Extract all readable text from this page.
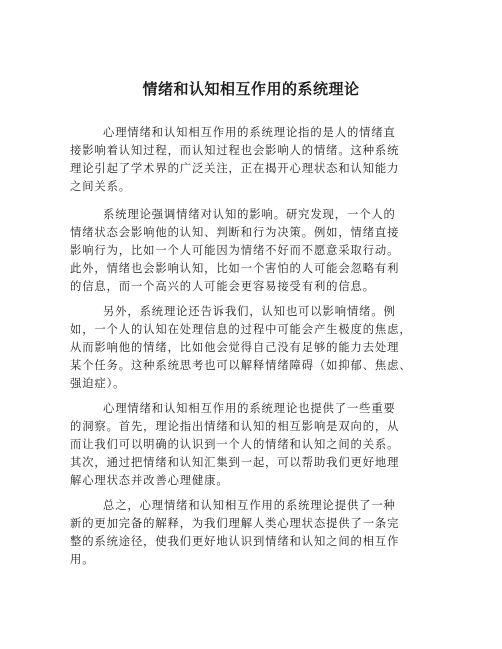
情绪和认知相互作用的系统理论
心理情绪和认知相互作用的系统理论指的是人的情绪直
接影响着认知过程，而认知过程也会影响人的情绪。这种系统
理论引起了学术界的广泛关注，正在揭开心理状态和认知能力
之间关系。
系统理论强调情绪对认知的影响。研究发现，一个人的
情绪状态会影响他的认知、判断和行为决策。例如，情绪直接
影响行为，比如一个人可能因为情绪不好而不愿意采取行动。
此外，情绪也会影响认知，比如一个害怕的人可能会忽略有利
的信息，而一个高兴的人可能会更容易接受有利的信息。
另外，系统理论还告诉我们，认知也可以影响情绪。例
如，一个人的认知在处理信息的过程中可能会产生极度的焦虑，
从而影响他的情绪，比如他会觉得自己没有足够的能力去处理
某个任务。这种系统思考也可以解释情绪障碍（如抑郁、焦虑、
强迫症）。
心理情绪和认知相互作用的系统理论也提供了一些重要
的洞察。首先，理论指出情绪和认知的相互影响是双向的，从
而让我们可以明确的认识到一个人的情绪和认知之间的关系。
其次，通过把情绪和认知汇集到一起，可以帮助我们更好地理
解心理状态并改善心理健康。
总之，心理情绪和认知相互作用的系统理论提供了一种
新的更加完备的解释，为我们理解人类心理状态提供了一条完
整的系统途径，使我们更好地认识到情绪和认知之间的相互作
用。
